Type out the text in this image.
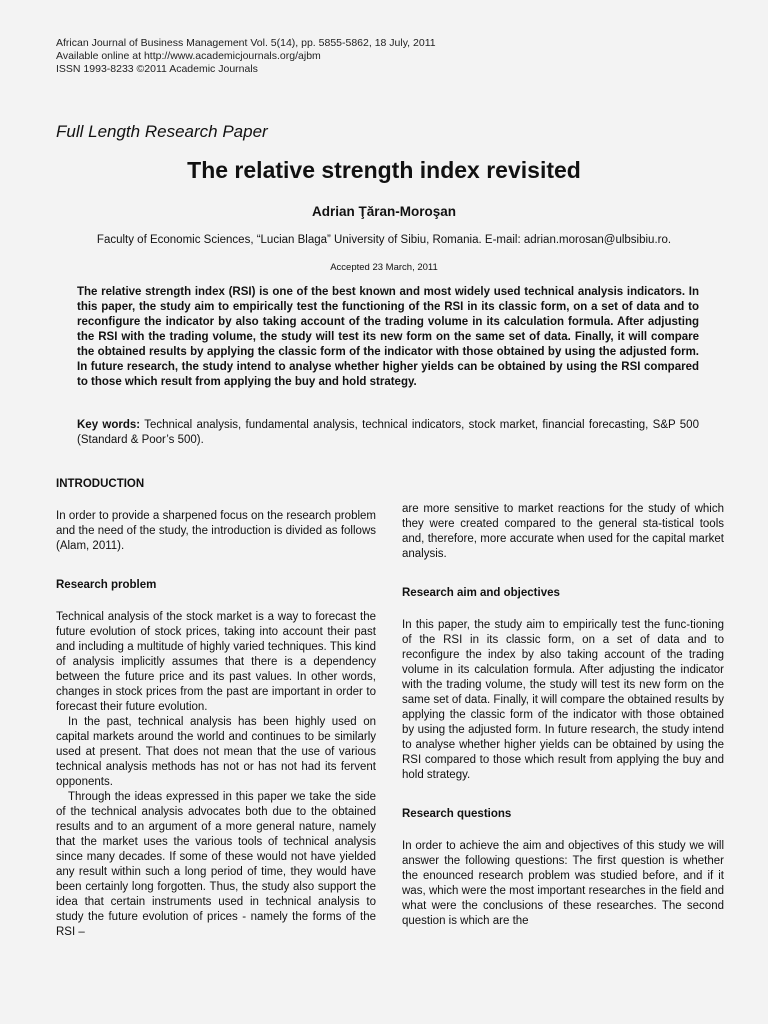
African Journal of Business Management Vol. 5(14), pp. 5855-5862, 18 July, 2011
Available online at http://www.academicjournals.org/ajbm
ISSN 1993-8233 ©2011 Academic Journals
Full Length Research Paper
The relative strength index revisited
Adrian Ţăran-Moroşan
Faculty of Economic Sciences, “Lucian Blaga” University of Sibiu, Romania. E-mail: adrian.morosan@ulbsibiu.ro.
Accepted 23 March, 2011

The relative strength index (RSI) is one of the best known and most widely used technical analysis indicators. In this paper, the study aim to empirically test the functioning of the RSI in its classic form, on a set of data and to reconfigure the indicator by also taking account of the trading volume in its calculation formula. After adjusting the RSI with the trading volume, the study will test its new form on the same set of data. Finally, it will compare the obtained results by applying the classic form of the indicator with those obtained by using the adjusted form. In future research, the study intend to analyse whether higher yields can be obtained by using the RSI compared to those which result from applying the buy and hold strategy.

Key words: Technical analysis, fundamental analysis, technical indicators, stock market, financial forecasting, S&P 500 (Standard & Poor’s 500).

INTRODUCTION

In order to provide a sharpened focus on the research problem and the need of the study, the introduction is divided as follows (Alam, 2011).

Research problem

Technical analysis of the stock market is a way to forecast the future evolution of stock prices, taking into account their past and including a multitude of highly varied techniques. This kind of analysis implicitly assumes that there is a dependency between the future price and its past values. In other words, changes in stock prices from the past are important in order to forecast their future evolution.

In the past, technical analysis has been highly used on capital markets around the world and continues to be similarly used at present. That does not mean that the use of various technical analysis methods has not or has not had its fervent opponents.

Through the ideas expressed in this paper we take the side of the technical analysis advocates both due to the obtained results and to an argument of a more general nature, namely that the market uses the various tools of technical analysis since many decades. If some of these would not have yielded any result within such a long period of time, they would have been certainly long forgotten. Thus, the study also support the idea that certain instruments used in technical analysis to study the future evolution of prices - namely the forms of the RSI –

are more sensitive to market reactions for the study of which they were created compared to the general sta-tistical tools and, therefore, more accurate when used for the capital market analysis.

Research aim and objectives

In this paper, the study aim to empirically test the func-tioning of the RSI in its classic form, on a set of data and to reconfigure the index by also taking account of the trading volume in its calculation formula. After adjusting the indicator with the trading volume, the study will test its new form on the same set of data. Finally, it will compare the obtained results by applying the classic form of the indicator with those obtained by using the adjusted form. In future research, the study intend to analyse whether higher yields can be obtained by using the RSI compared to those which result from applying the buy and hold strategy.

Research questions

In order to achieve the aim and objectives of this study we will answer the following questions: The first question is whether the enounced research problem was studied before, and if it was, which were the most important researches in the field and what were the conclusions of these researches. The second question is which are the
